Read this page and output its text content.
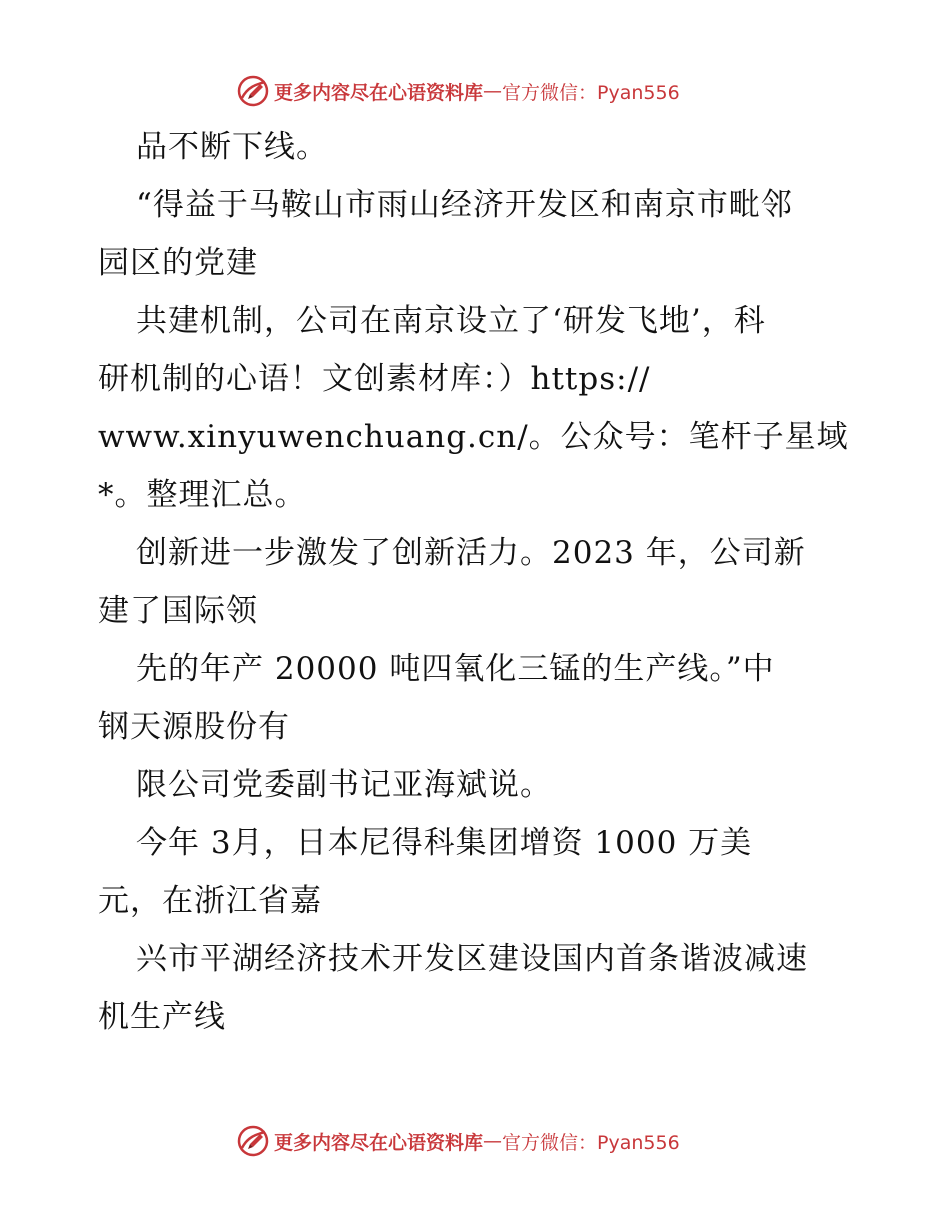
更多内容尽在心语资料库 — 官方微信：Pyan556
品不断下线。
“得益于马鞍山市雨山经济开发区和南京市毗邻
园区的党建
共建机制，公司在南京设立了‘研发飞地’，科
研机制的心语！文创素材库：）https://
www.xinyuwenchuang.cn/。公众号：笔杆子星域
*。整理汇总。
创新进一步激发了创新活力。2023 年，公司新
建了国际领
先的年产 20000 吨四氧化三锰的生产线。”中
钢天源股份有
限公司党委副书记亚海斌说。
今年 3月，日本尼得科集团增资 1000 万美
元，在浙江省嘉
兴市平湖经济技术开发区建设国内首条谐波减速
机生产线
更多内容尽在心语资料库 — 官方微信：Pyan556
